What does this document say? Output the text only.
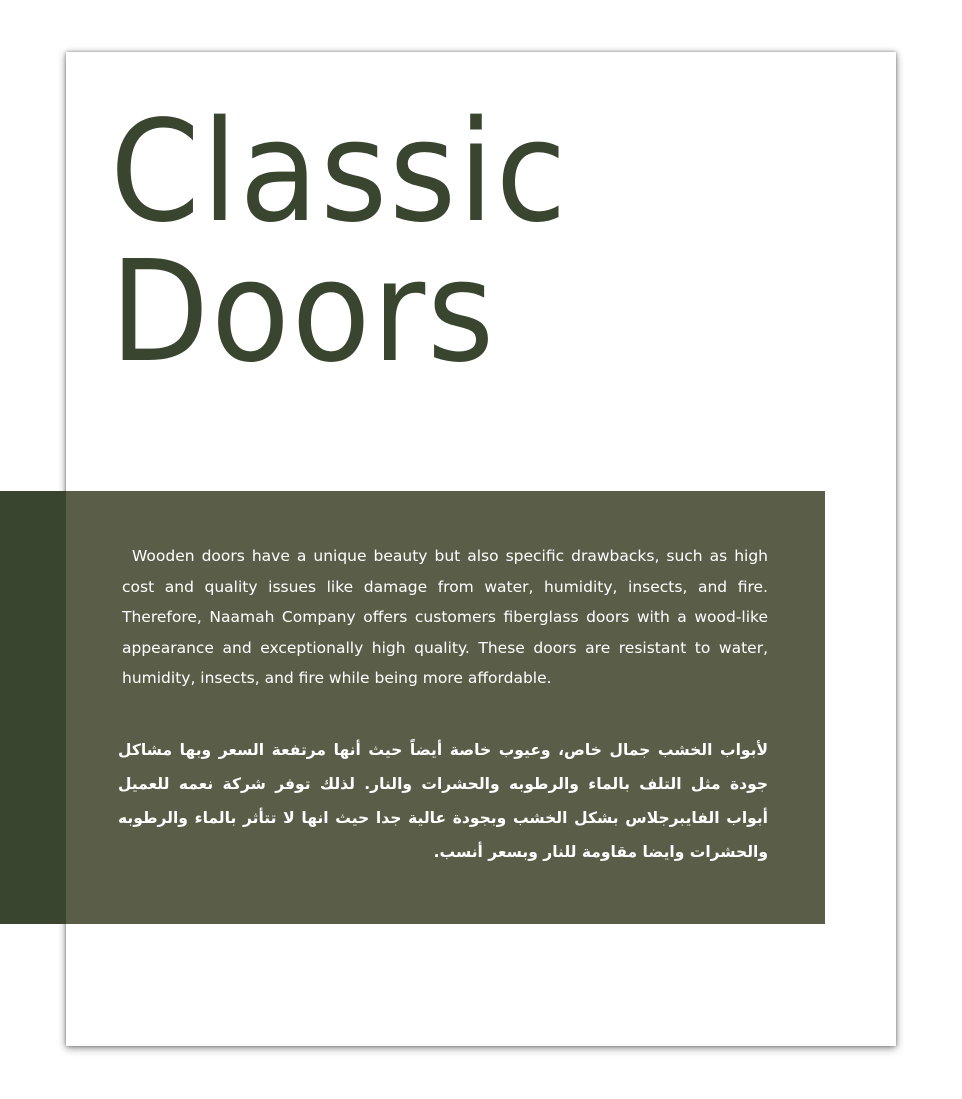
Classic
Doors

Wooden doors have a unique beauty but also specific drawbacks, such as high cost and quality issues like damage from water, humidity, insects, and fire. Therefore, Naamah Company offers customers fiberglass doors with a wood-like appearance and exceptionally high quality. These doors are resistant to water, humidity, insects, and fire while being more affordable.

لأبواب الخشب جمال خاص، وعيوب خاصة أيضاً حيث أنها مرتفعة السعر وبها مشاكل جودة مثل التلف بالماء والرطوبه والحشرات والنار. لذلك توفر شركة نعمه للعميل أبواب الفايبرجلاس بشكل الخشب وبجودة عالية جدا حيث انها لا تتأثر بالماء والرطوبه والحشرات وايضا مقاومة للنار وبسعر أنسب.
